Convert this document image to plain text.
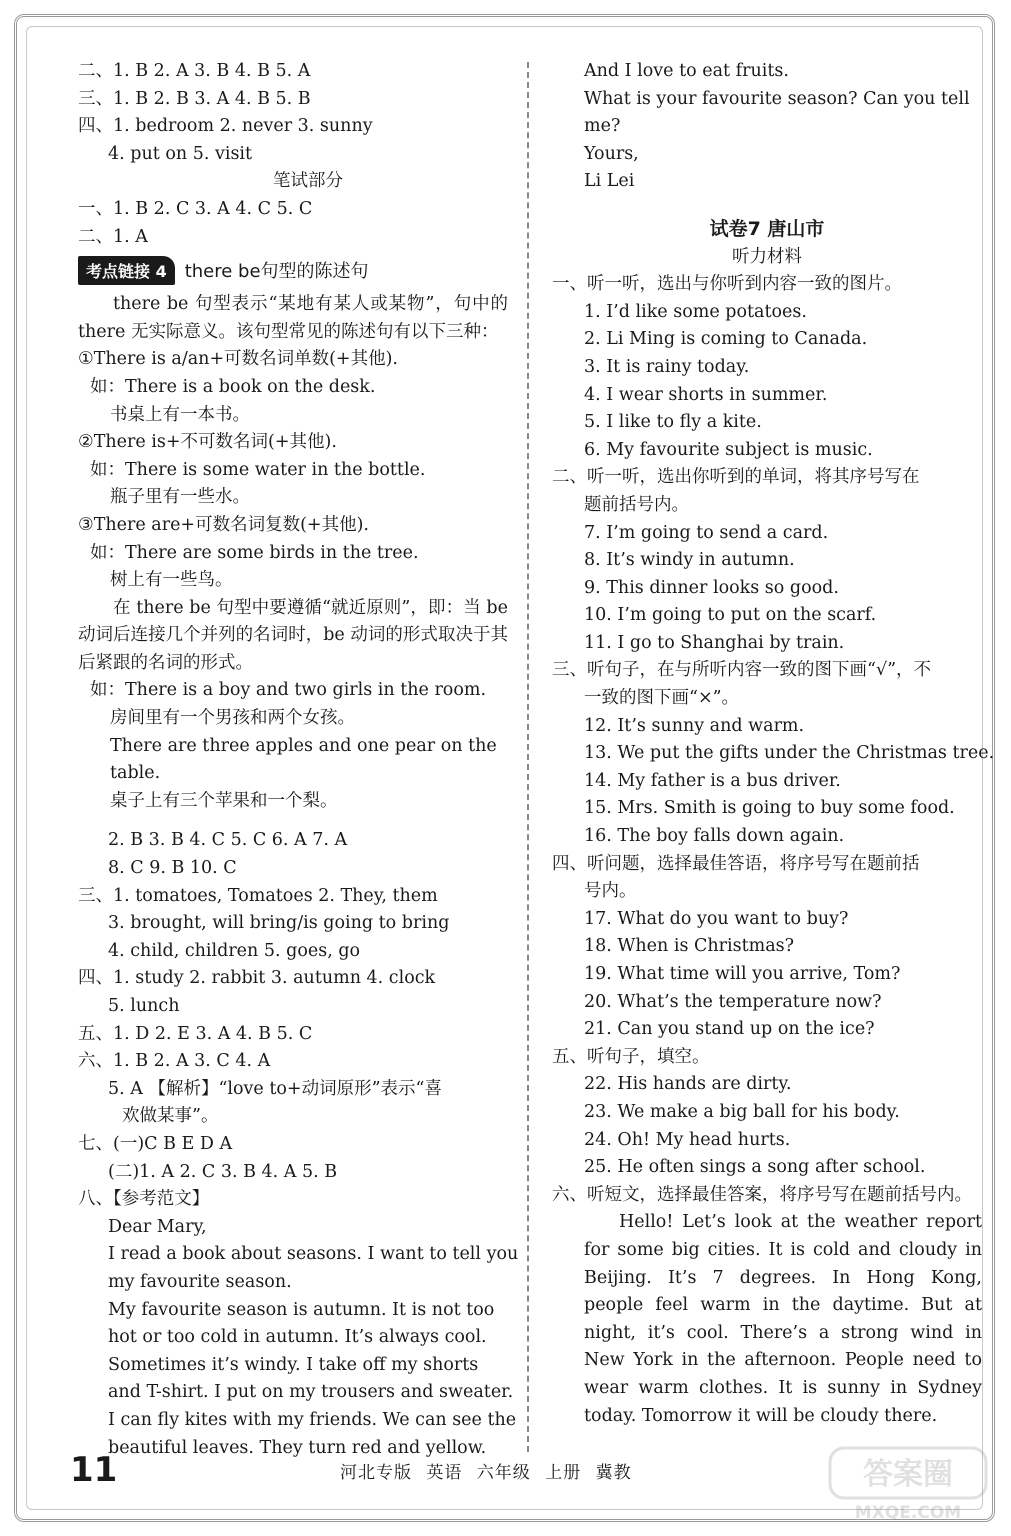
二、1. B 2. A 3. B 4. B 5. A
三、1. B 2. B 3. A 4. B 5. B
四、1. bedroom 2. never 3. sunny
4. put on 5. visit
笔试部分
一、1. B 2. C 3. A 4. C 5. C
二、1. A
考点链接 4	there be句型的陈述句
there be 句型表示“某地有某人或某物”，句中的 there 无实际意义。该句型常见的陈述句有以下三种：
①There is a/an+可数名词单数(+其他).
如：There is a book on the desk.
书桌上有一本书。
②There is+不可数名词(+其他).
如：There is some water in the bottle.
瓶子里有一些水。
③There are+可数名词复数(+其他).
如：There are some birds in the tree.
树上有一些鸟。
在 there be 句型中要遵循“就近原则”，即：当 be 动词后连接几个并列的名词时，be 动词的形式取决于其后紧跟的名词的形式。
如：There is a boy and two girls in the room.
房间里有一个男孩和两个女孩。
There are three apples and one pear on the
table.
桌子上有三个苹果和一个梨。
2. B 3. B 4. C 5. C 6. A 7. A
8. C 9. B 10. C
三、1. tomatoes, Tomatoes 2. They, them
3. brought, will bring/is going to bring
4. child, children 5. goes, go
四、1. study 2. rabbit 3. autumn 4. clock
5. lunch
五、1. D 2. E 3. A 4. B 5. C
六、1. B 2. A 3. C 4. A
5. A 【解析】“love to+动词原形”表示“喜
欢做某事”。
七、(一)C B E D A
(二)1. A 2. C 3. B 4. A 5. B
八、【参考范文】
Dear Mary,
I read a book about seasons. I want to tell you
my favourite season.
My favourite season is autumn. It is not too
hot or too cold in autumn. It’s always cool.
Sometimes it’s windy. I take off my shorts
and T-shirt. I put on my trousers and sweater.
I can fly kites with my friends. We can see the
beautiful leaves. They turn red and yellow.
And I love to eat fruits.
What is your favourite season? Can you tell
me?
Yours,
Li Lei
试卷7 唐山市
听力材料
一、听一听，选出与你听到内容一致的图片。
1. I’d like some potatoes.
2. Li Ming is coming to Canada.
3. It is rainy today.
4. I wear shorts in summer.
5. I like to fly a kite.
6. My favourite subject is music.
二、听一听，选出你听到的单词，将其序号写在
题前括号内。
7. I’m going to send a card.
8. It’s windy in autumn.
9. This dinner looks so good.
10. I’m going to put on the scarf.
11. I go to Shanghai by train.
三、听句子，在与所听内容一致的图下画“√”，不
一致的图下画“×”。
12. It’s sunny and warm.
13. We put the gifts under the Christmas tree.
14. My father is a bus driver.
15. Mrs. Smith is going to buy some food.
16. The boy falls down again.
四、听问题，选择最佳答语，将序号写在题前括
号内。
17. What do you want to buy?
18. When is Christmas?
19. What time will you arrive, Tom?
20. What’s the temperature now?
21. Can you stand up on the ice?
五、听句子，填空。
22. His hands are dirty.
23. We make a big ball for his body.
24. Oh! My head hurts.
25. He often sings a song after school.
六、听短文，选择最佳答案，将序号写在题前括号内。
Hello! Let’s look at the weather report for some big cities. It is cold and cloudy in Beijing. It’s 7 degrees. In Hong Kong, people feel warm in the daytime. But at night, it’s cool. There’s a strong wind in New York in the afternoon. People need to wear warm clothes. It is sunny in Sydney today. Tomorrow it will be cloudy there.
11	河北专版 英语 六年级 上册 冀教	答案圈
MXQE.COM
